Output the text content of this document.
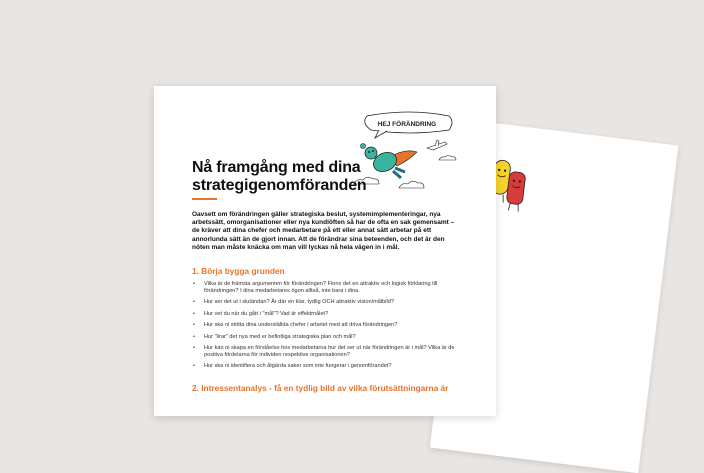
HEJ FÖRÄNDRING
Nå framgång med dina strategigenomföranden
Oavsett om förändringen gäller strategiska beslut, systemimplementeringar, nya arbetssätt, omorganisationer eller nya kundlöften så har de ofta en sak gemensamt – de kräver att dina chefer och medarbetare på ett eller annat sätt arbetar på ett annorlunda sätt än de gjort innan. Att de förändrar sina beteenden, och det är den nöten man måste knäcka om man vill lyckas nå hela vägen in i mål.
1. Börja bygga grunden
• Vilka är de främsta argumenten för förändringen? Finns det en attraktiv och logisk förklaring till förändringen? I dina medarbetares ögon alltså, inte bara i dina.
• Hur ser det ut i slutändan? Är där en klar, tydlig OCH attraktiv vision/målbild?
• Hur vet du när du gått i "mål"? Vad är effektmålet?
• Hur ska ni stötta dina underställda chefer i arbetet med att driva förändringen?
• Hur "lirar" det nya med er befintliga strategiska plan och mål?
• Hur kan ni skapa en förståelse hos medarbetarna hur det ser ut när förändringen är i mål? Vilka är de positiva fördelarna för individen respektive organisationen?
• Hur ska ni identifiera och åtgärda saker som inte fungerar i genomförandet?
2. Intressentanalys - få en tydlig bild av vilka förutsättningarna är
